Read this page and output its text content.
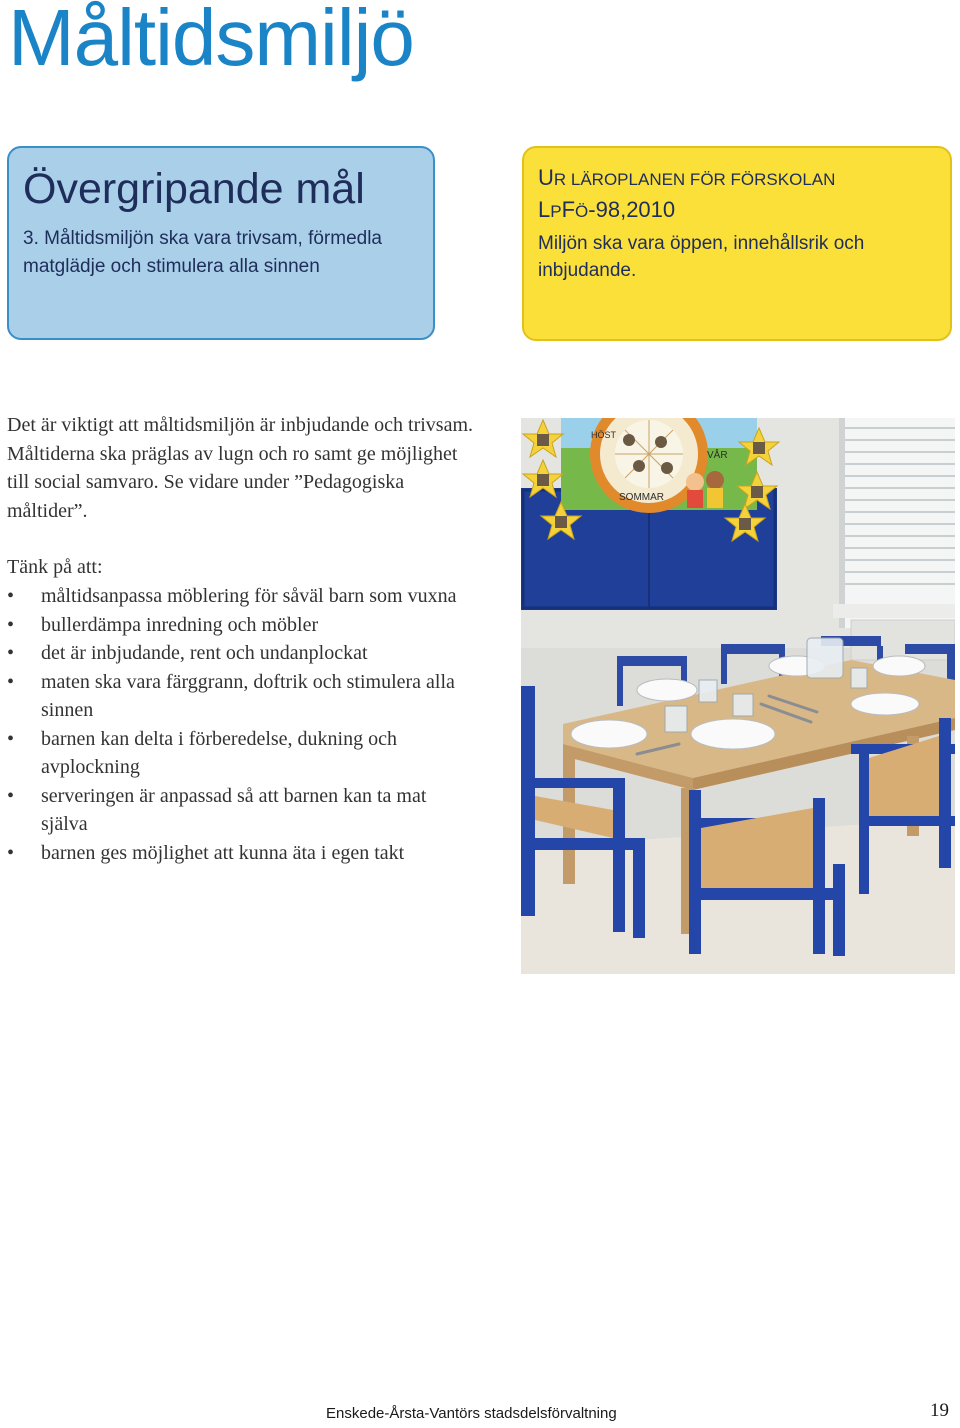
Måltidsmiljö
Övergripande mål
3. Måltidsmiljön ska vara trivsam, förmedla matglädje och stimulera alla sinnen
UR LÄROPLANEN FÖR FÖRSKOLAN
LPFÖ-98,2010
Miljön ska vara öppen, innehållsrik och inbjudande.

Det är viktigt att måltidsmiljön är inbjudande och trivsam. Måltiderna ska präglas av lugn och ro samt ge möjlighet till social samvaro. Se vidare under ”Pedagogiska måltider”.

Tänk på att:

• måltidsanpassa möblering för såväl barn som vuxna
• bullerdämpa inredning och möbler
• det är inbjudande, rent och undanplockat
• maten ska vara färggrann, doftrik och stimulera alla sinnen
• barnen kan delta i förberedelse, dukning och avplockning
• serveringen är anpassad så att barnen kan ta mat själva
• barnen ges möjlighet att kunna äta i egen takt
SOMMAR
VÅR
HÖST
Enskede-Årsta-Vantörs stadsdelsförvaltning	19
